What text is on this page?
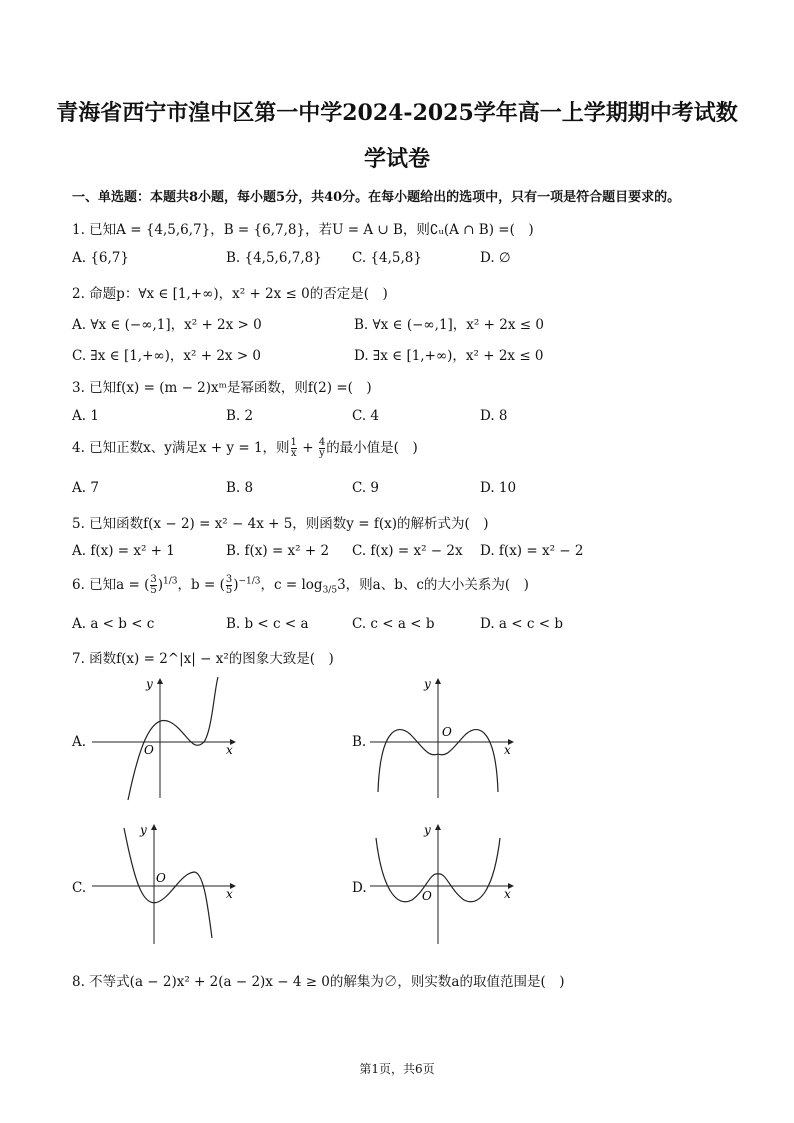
青海省西宁市湟中区第一中学2024-2025学年高一上学期期中考试数
学试卷
一、单选题：本题共8小题，每小题5分，共40分。在每小题给出的选项中，只有一项是符合题目要求的。
1. 已知A = {4,5,6,7}，B = {6,7,8}，若U = A ∪ B，则∁ᵤ(A ∩ B) =(　)
A. {6,7}	B. {4,5,6,7,8} C. {4,5,8}	D. ∅
2. 命题p：∀x ∈ [1,+∞)，x² + 2x ≤ 0的否定是(　)
A. ∀x ∈ (−∞,1]，x² + 2x > 0	B. ∀x ∈ (−∞,1]，x² + 2x ≤ 0
C. ∃x ∈ [1,+∞)，x² + 2x > 0	D. ∃x ∈ [1,+∞)，x² + 2x ≤ 0
3. 已知f(x) = (m − 2)xᵐ是幂函数，则f(2) =(　)
A. 1	B. 2	C. 4	D. 8
4. 已知正数x、y满足x + y = 1，则 $\frac{1}{x} + \frac{4}{y}$ 的最小值是(　)
A. 7	B. 8	C. 9	D. 10
5. 已知函数f(x − 2) = x² − 4x + 5，则函数y = f(x)的解析式为(　)
A. f(x) = x² + 1	B. f(x) = x² + 2 C. f(x) = x² − 2x D. f(x) = x² − 2
6. 已知a = ( $\frac{3}{5} )^{1/3}$，b = ( $\frac{3}{5} )^{-1/3}$，$c = \log_{3/5}3$，则a、b、c的大小关系为(　)
A. a < b < c	B. b < c < a	C. c < a < b	D. a < c < b
7. 函数f(x) = 2^|x| − x²的图象大致是(　)
A.	O	x
y
B.
O
x
y
C.
O
x
y
D.	O	x
y
8. 不等式(a − 2)x² + 2(a − 2)x − 4 ≥ 0的解集为∅，则实数a的取值范围是(　)
第1页，共6页
